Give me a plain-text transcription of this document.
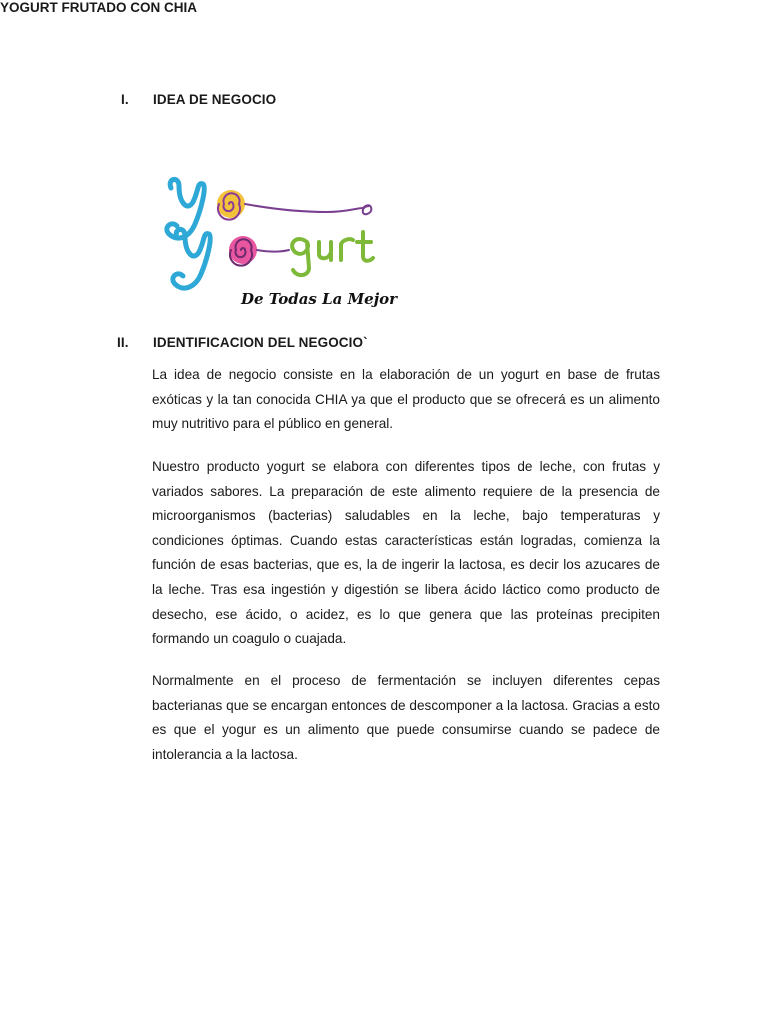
I. IDEA DE NEGOCIO
YOGURT FRUTADO CON CHIA
De Todas La Mejor
II. IDENTIFICACION DEL NEGOCIO`

La idea de negocio consiste en la elaboración de un yogurt en base de frutas exóticas y la tan conocida CHIA ya que el producto que se ofrecerá es un alimento muy nutritivo para el público en general.

Nuestro producto yogurt se elabora con diferentes tipos de leche, con frutas y variados sabores. La preparación de este alimento requiere de la presencia de microorganismos (bacterias) saludables en la leche, bajo temperaturas y condiciones óptimas. Cuando estas características están logradas, comienza la función de esas bacterias, que es, la de ingerir la lactosa, es decir los azucares de la leche. Tras esa ingestión y digestión se libera ácido láctico como producto de desecho, ese ácido, o acidez, es lo que genera que las proteínas precipiten formando un coagulo o cuajada.

Normalmente en el proceso de fermentación se incluyen diferentes cepas bacterianas que se encargan entonces de descomponer a la lactosa. Gracias a esto es que el yogur es un alimento que puede consumirse cuando se padece de intolerancia a la lactosa.
